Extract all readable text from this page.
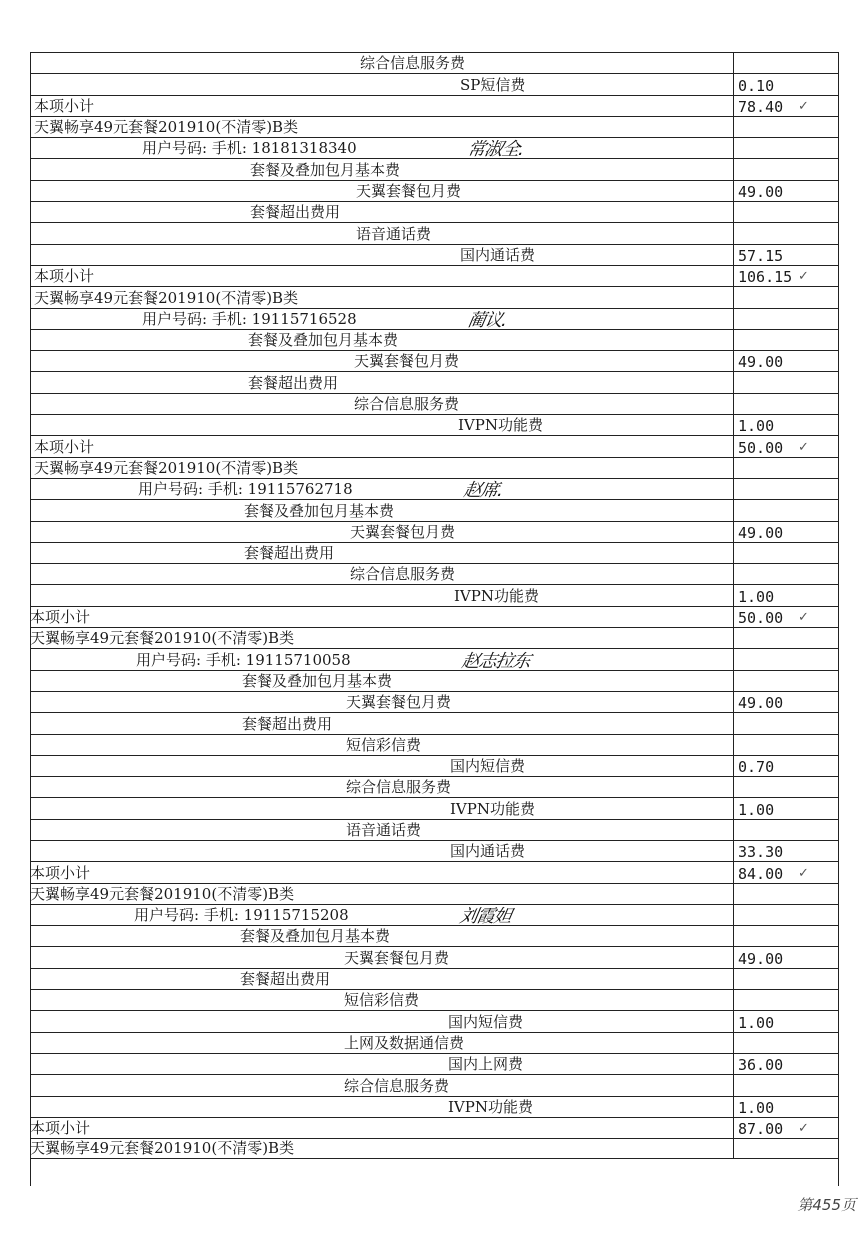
综合信息服务费
SP短信费	0.10
本项小计	78.40 ✓
天翼畅享49元套餐201910(不清零)B类
用户号码: 手机: 18181318340	常淑全.
套餐及叠加包月基本费
天翼套餐包月费	49.00
套餐超出费用
语音通话费
国内通话费	57.15
本项小计	106.15 ✓
天翼畅享49元套餐201910(不清零)B类
用户号码: 手机: 19115716528	蔺议.
套餐及叠加包月基本费
天翼套餐包月费	49.00
套餐超出费用
综合信息服务费
IVPN功能费	1.00
本项小计	50.00 ✓
天翼畅享49元套餐201910(不清零)B类
用户号码: 手机: 19115762718	赵席.
套餐及叠加包月基本费
天翼套餐包月费	49.00
套餐超出费用
综合信息服务费
IVPN功能费	1.00
本项小计	50.00 ✓
天翼畅享49元套餐201910(不清零)B类
用户号码: 手机: 19115710058	赵志拉东
套餐及叠加包月基本费
天翼套餐包月费	49.00
套餐超出费用
短信彩信费
国内短信费	0.70
综合信息服务费
IVPN功能费	1.00
语音通话费
国内通话费	33.30
本项小计	84.00 ✓
天翼畅享49元套餐201910(不清零)B类
用户号码: 手机: 19115715208	刘霞妲
套餐及叠加包月基本费
天翼套餐包月费	49.00
套餐超出费用
短信彩信费
国内短信费	1.00
上网及数据通信费
国内上网费	36.00
综合信息服务费
IVPN功能费	1.00
本项小计	87.00 ✓
天翼畅享49元套餐201910(不清零)B类
第455页
